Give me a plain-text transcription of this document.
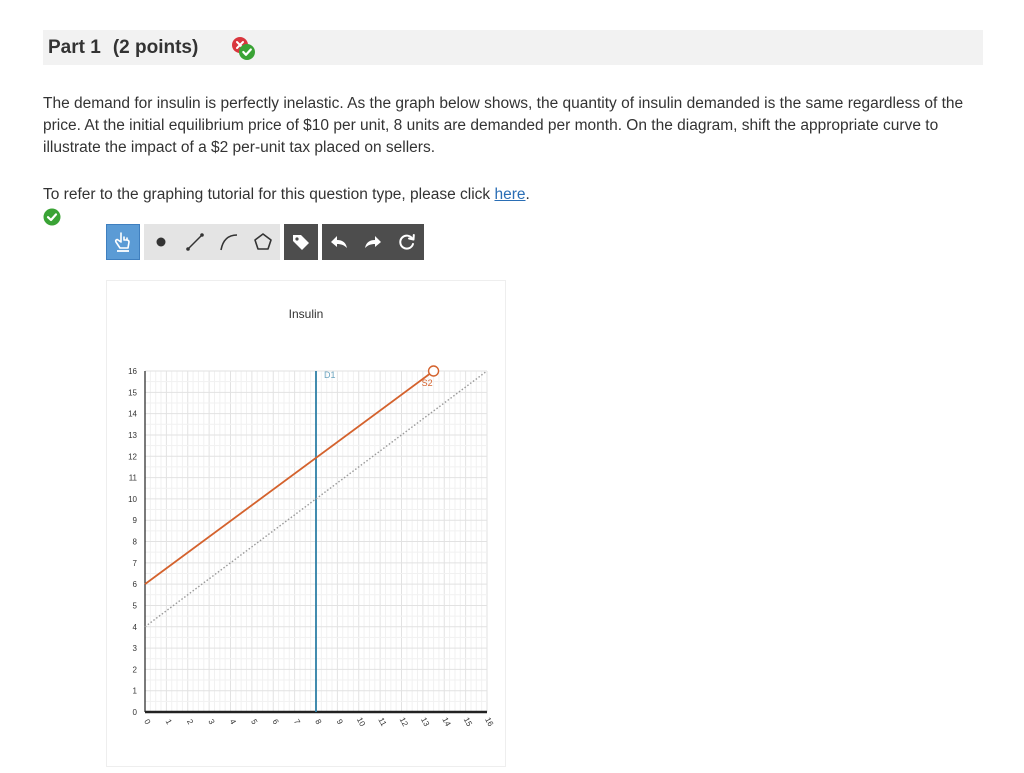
Part 1 (2 points)
The demand for insulin is perfectly inelastic. As the graph below shows, the quantity of insulin demanded is the same regardless of the price. At the initial equilibrium price of $10 per unit, 8 units are demanded per month. On the diagram, shift the appropriate curve to illustrate the impact of a $2 per-unit tax placed on sellers.
To refer to the graphing tutorial for this question type, please click here.
Insulin
0
1
2
3
4
5
6
7
8
9
10
11
12
13
14
15
16
0 1 2 3 4 5 6 7 8 9 10 11 12 13 14 15 16
D1
S2
